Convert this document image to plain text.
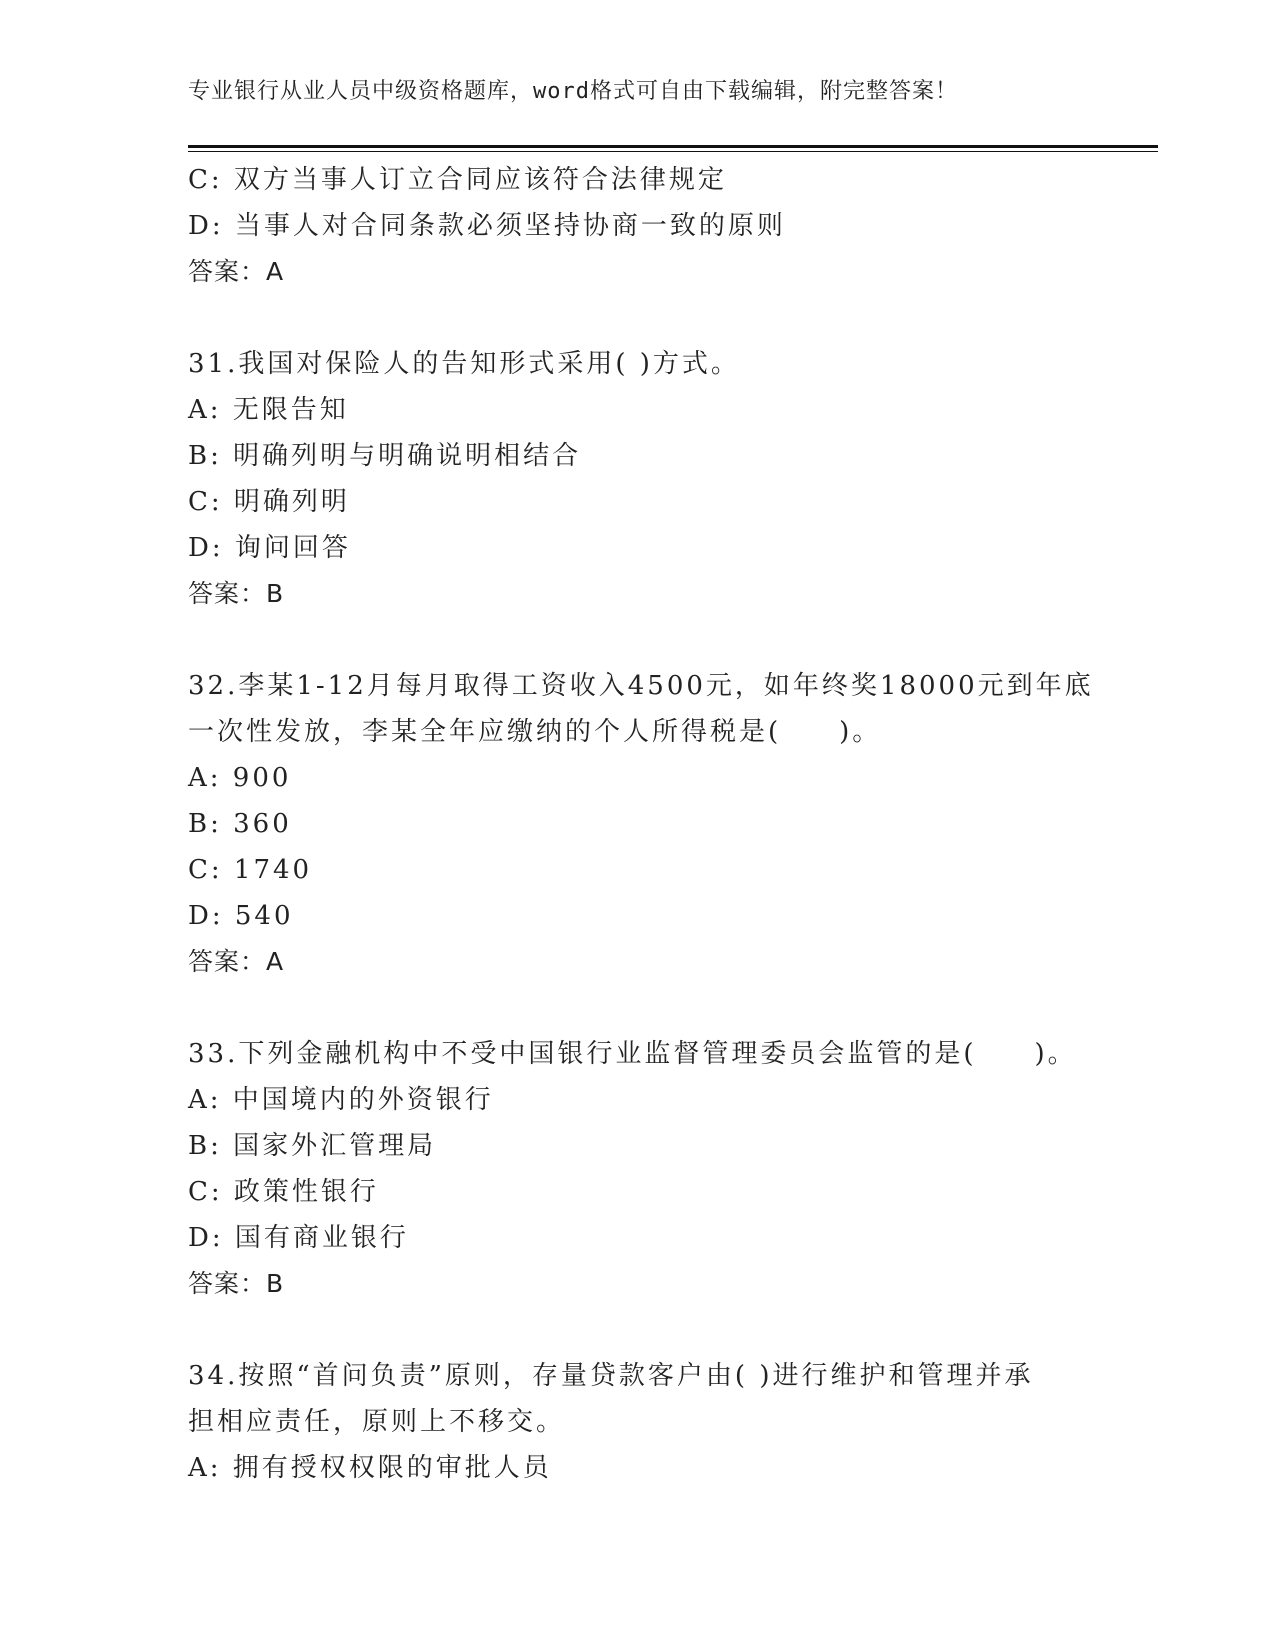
专业银行从业人员中级资格题库，word格式可自由下载编辑，附完整答案！
C: 双方当事人订立合同应该符合法律规定
D: 当事人对合同条款必须坚持协商一致的原则
答案：A
31.我国对保险人的告知形式采用( )方式。
A: 无限告知
B: 明确列明与明确说明相结合
C: 明确列明
D: 询问回答
答案：B
32.李某1-12月每月取得工资收入4500元，如年终奖18000元到年底
一次性发放，李某全年应缴纳的个人所得税是(　　)。
A: 900
B: 360
C: 1740
D: 540
答案：A
33.下列金融机构中不受中国银行业监督管理委员会监管的是(　　)。
A: 中国境内的外资银行
B: 国家外汇管理局
C: 政策性银行
D: 国有商业银行
答案：B
34.按照“首问负责”原则，存量贷款客户由( )进行维护和管理并承
担相应责任，原则上不移交。
A: 拥有授权权限的审批人员
